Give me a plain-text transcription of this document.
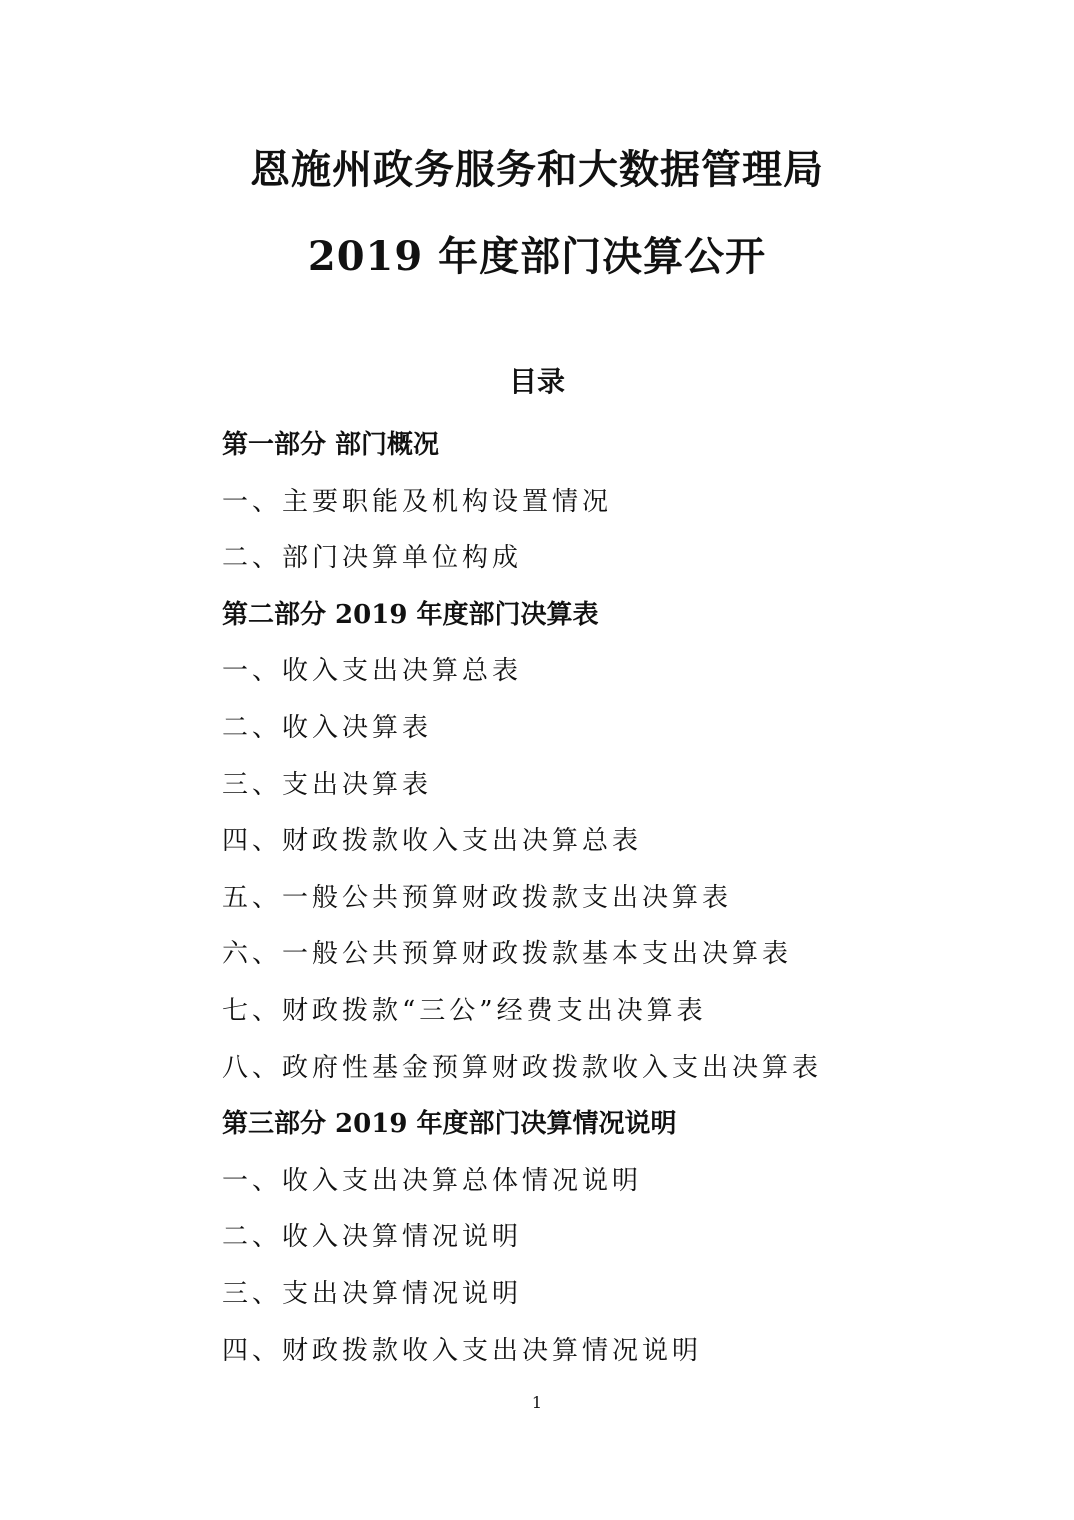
恩施州政务服务和大数据管理局
2019 年度部门决算公开
目录
第一部分 部门概况
一、主要职能及机构设置情况
二、部门决算单位构成
第二部分 2019 年度部门决算表
一、收入支出决算总表
二、收入决算表
三、支出决算表
四、财政拨款收入支出决算总表
五、一般公共预算财政拨款支出决算表
六、一般公共预算财政拨款基本支出决算表
七、财政拨款“三公”经费支出决算表
八、政府性基金预算财政拨款收入支出决算表
第三部分 2019 年度部门决算情况说明
一、收入支出决算总体情况说明
二、收入决算情况说明
三、支出决算情况说明
四、财政拨款收入支出决算情况说明
1
